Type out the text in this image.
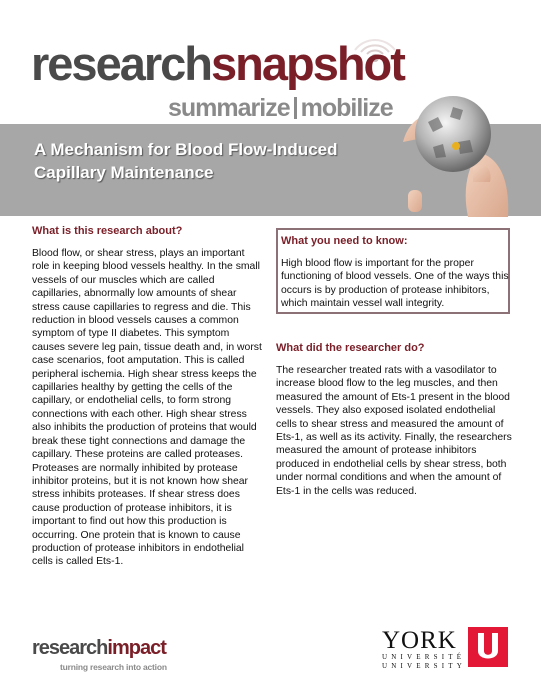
researchsnapshot
summarize mobilize
A Mechanism for Blood Flow-Induced
Capillary Maintenance
What is this research about?

Blood flow, or shear stress, plays an important role in keeping blood vessels healthy. In the small vessels of our muscles which are called capillaries, abnormally low amounts of shear stress cause capillaries to regress and die. This reduction in blood vessels causes a common symptom of type II diabetes. This symptom causes severe leg pain, tissue death and, in worst case scenarios, foot amputation. This is called peripheral ischemia. High shear stress keeps the capillaries healthy by getting the cells of the capillary, or endothelial cells, to form strong connections with each other. High shear stress also inhibits the production of proteins that would break these tight connections and damage the capillary. These proteins are called proteases. Proteases are normally inhibited by protease inhibitor proteins, but it is not known how shear stress inhibits proteases. If shear stress does cause production of protease inhibitors, it is important to find out how this production is occurring. One protein that is known to cause production of protease inhibitors in endothelial cells is called Ets-1.

What you need to know:

High blood flow is important for the proper functioning of blood vessels. One of the ways this occurs is by production of protease inhibitors, which maintain vessel wall integrity.

What did the researcher do?

The researcher treated rats with a vasodilator to increase blood flow to the leg muscles, and then measured the amount of Ets-1 present in the blood vessels. They also exposed isolated endothelial cells to shear stress and measured the amount of Ets-1, as well as its activity. Finally, the researchers measured the amount of protease inhibitors produced in endothelial cells by shear stress, both under normal conditions and when the amount of Ets-1 in the cells was reduced.

researchimpact
turning research into action
YORK
UNIVERSITÉ
UNIVERSITY
